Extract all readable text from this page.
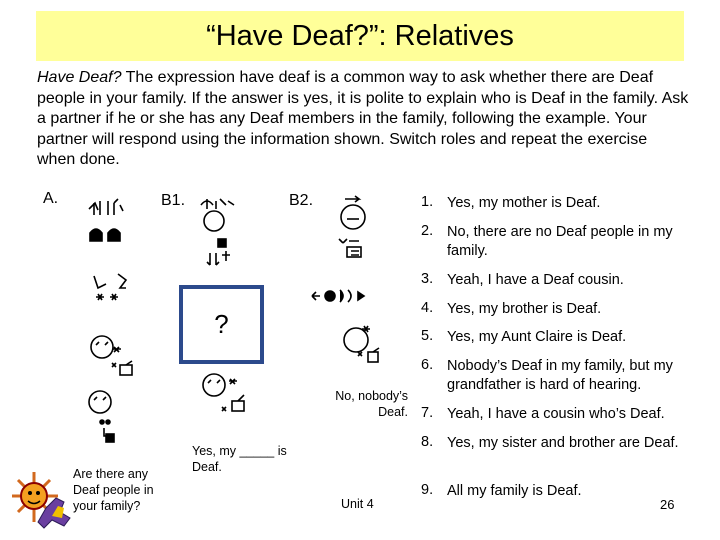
“Have Deaf?”: Relatives
Have Deaf? The expression have deaf is a common way to ask whether there are Deaf people in your family. If the answer is yes, it is polite to explain who is Deaf in the family. Ask a partner if he or she has any Deaf members in the family, following the example. Your partner will respond using the information shown. Switch roles and repeat the exercise when done.
A.	B1.	B2.
?
Are there any Deaf people in your family?
Yes, my _____ is Deaf.
No, nobody’s Deaf.
1. Yes, my mother is Deaf.
2. No, there are no Deaf people in my family.
3. Yeah, I have a Deaf cousin.
4. Yes, my brother is Deaf.
5. Yes, my Aunt Claire is Deaf.
6. Nobody’s Deaf in my family, but my grandfather is hard of hearing.
7. Yeah, I have a cousin who’s Deaf.
8. Yes, my sister and brother are Deaf.
9. All my family is Deaf.
Unit 4	26
